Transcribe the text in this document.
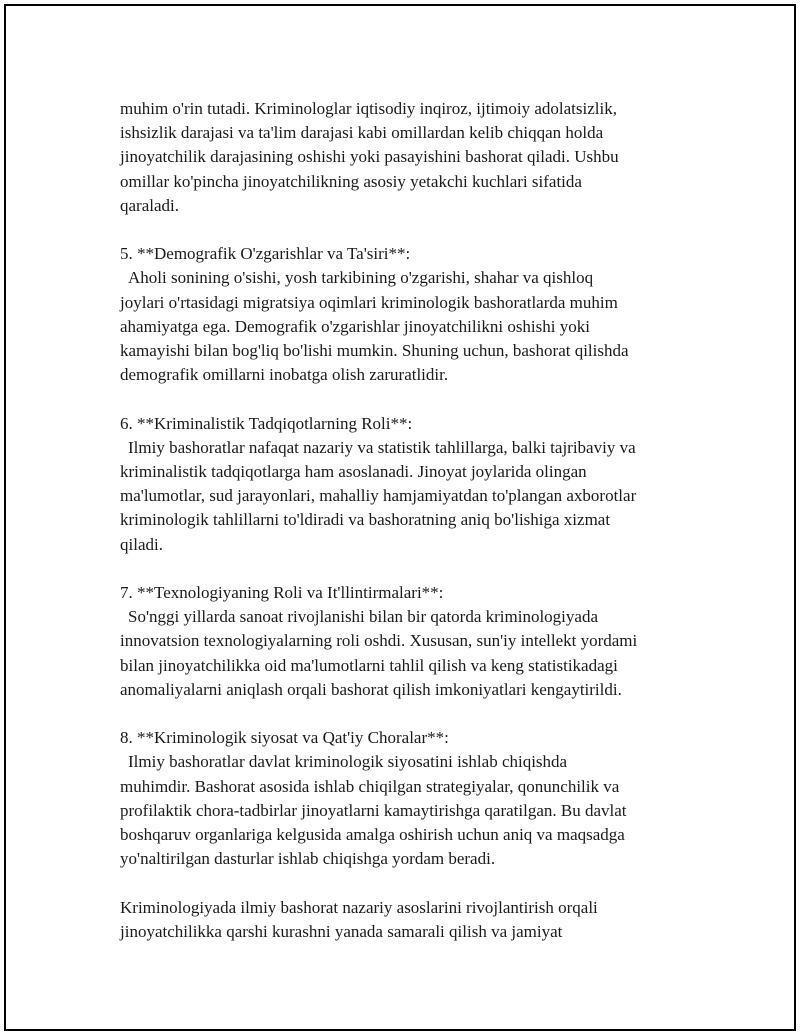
muhim o'rin tutadi. Kriminologlar iqtisodiy inqiroz, ijtimoiy adolatsizlik,
ishsizlik darajasi va ta'lim darajasi kabi omillardan kelib chiqqan holda
jinoyatchilik darajasining oshishi yoki pasayishini bashorat qiladi. Ushbu
omillar ko'pincha jinoyatchilikning asosiy yetakchi kuchlari sifatida
qaraladi.

5. **Demografik O'zgarishlar va Ta'siri**:
Aholi sonining o'sishi, yosh tarkibining o'zgarishi, shahar va qishloq
joylari o'rtasidagi migratsiya oqimlari kriminologik bashoratlarda muhim
ahamiyatga ega. Demografik o'zgarishlar jinoyatchilikni oshishi yoki
kamayishi bilan bog'liq bo'lishi mumkin. Shuning uchun, bashorat qilishda
demografik omillarni inobatga olish zaruratlidir.
6. **Kriminalistik Tadqiqotlarning Roli**:
Ilmiy bashoratlar nafaqat nazariy va statistik tahlillarga, balki tajribaviy va
kriminalistik tadqiqotlarga ham asoslanadi. Jinoyat joylarida olingan
ma'lumotlar, sud jarayonlari, mahalliy hamjamiyatdan to'plangan axborotlar
kriminologik tahlillarni to'ldiradi va bashoratning aniq bo'lishiga xizmat
qiladi.
7. **Texnologiyaning Roli va It'llintirmalari**:
So'nggi yillarda sanoat rivojlanishi bilan bir qatorda kriminologiyada
innovatsion texnologiyalarning roli oshdi. Xususan, sun'iy intellekt yordami
bilan jinoyatchilikka oid ma'lumotlarni tahlil qilish va keng statistikadagi
anomaliyalarni aniqlash orqali bashorat qilish imkoniyatlari kengaytirildi.
8. **Kriminologik siyosat va Qat'iy Choralar**:
Ilmiy bashoratlar davlat kriminologik siyosatini ishlab chiqishda
muhimdir. Bashorat asosida ishlab chiqilgan strategiyalar, qonunchilik va
profilaktik chora-tadbirlar jinoyatlarni kamaytirishga qaratilgan. Bu davlat
boshqaruv organlariga kelgusida amalga oshirish uchun aniq va maqsadga
yo'naltirilgan dasturlar ishlab chiqishga yordam beradi.

Kriminologiyada ilmiy bashorat nazariy asoslarini rivojlantirish orqali
jinoyatchilikka qarshi kurashni yanada samarali qilish va jamiyat
